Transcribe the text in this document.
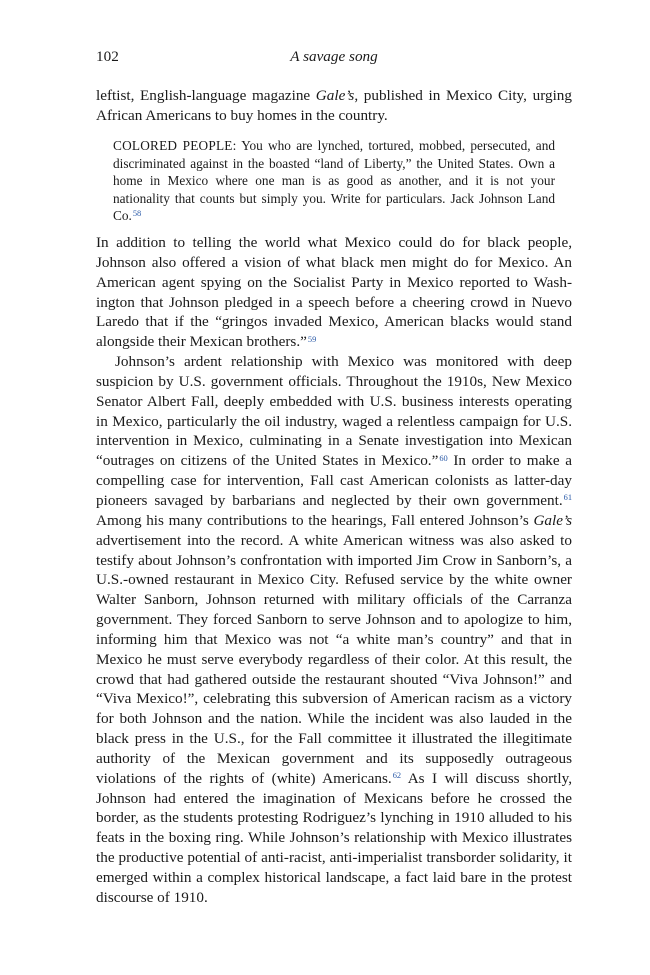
102	A savage song

leftist, English-language magazine Gale’s, published in Mexico City, urging African Americans to buy homes in the country.

COLORED PEOPLE: You who are lynched, tortured, mobbed, persecuted, and discriminated against in the boasted “land of Liberty,” the United States. Own a home in Mexico where one man is as good as another, and it is not your nationality that counts but simply you. Write for particulars. Jack Johnson Land Co.$^{58}$

In addition to telling the world what Mexico could do for black people, Johnson also offered a vision of what black men might do for Mexico. An American agent spying on the Socialist Party in Mexico reported to Washington that Johnson pledged in a speech before a cheering crowd in Nuevo Laredo that if the “gringos invaded Mexico, American blacks would stand alongside their Mexican brothers.”$^{59}$

Johnson’s ardent relationship with Mexico was monitored with deep suspicion by U.S. government officials. Throughout the 1910s, New Mexico Senator Albert Fall, deeply embedded with U.S. business interests operating in Mexico, particularly the oil industry, waged a relentless campaign for U.S. intervention in Mexico, culminating in a Senate investigation into Mexican “outrages on citizens of the United States in Mexico.”$^{60}$ In order to make a compelling case for intervention, Fall cast American colonists as latter-day pioneers savaged by barbarians and neglected by their own government.$^{61}$ Among his many contributions to the hearings, Fall entered Johnson’s Gale’s advertisement into the record. A white American witness was also asked to testify about Johnson’s confrontation with imported Jim Crow in Sanborn’s, a U.S.-owned restaurant in Mexico City. Refused service by the white owner Walter Sanborn, Johnson returned with military officials of the Carranza government. They forced Sanborn to serve Johnson and to apologize to him, informing him that Mexico was not “a white man’s country” and that in Mexico he must serve everybody regardless of their color. At this result, the crowd that had gathered outside the restaurant shouted “Viva Johnson!” and “Viva Mexico!”, celebrating this subversion of American racism as a victory for both Johnson and the nation. While the incident was also lauded in the black press in the U.S., for the Fall committee it illustrated the illegitimate authority of the Mexican government and its supposedly outrageous violations of the rights of (white) Americans.$^{62}$ As I will discuss shortly, Johnson had entered the imagination of Mexicans before he crossed the border, as the students protesting Rodriguez’s lynching in 1910 alluded to his feats in the boxing ring. While Johnson’s relationship with Mexico illustrates the productive potential of anti-racist, anti-imperialist transborder solidarity, it emerged within a complex historical landscape, a fact laid bare in the protest discourse of 1910.
